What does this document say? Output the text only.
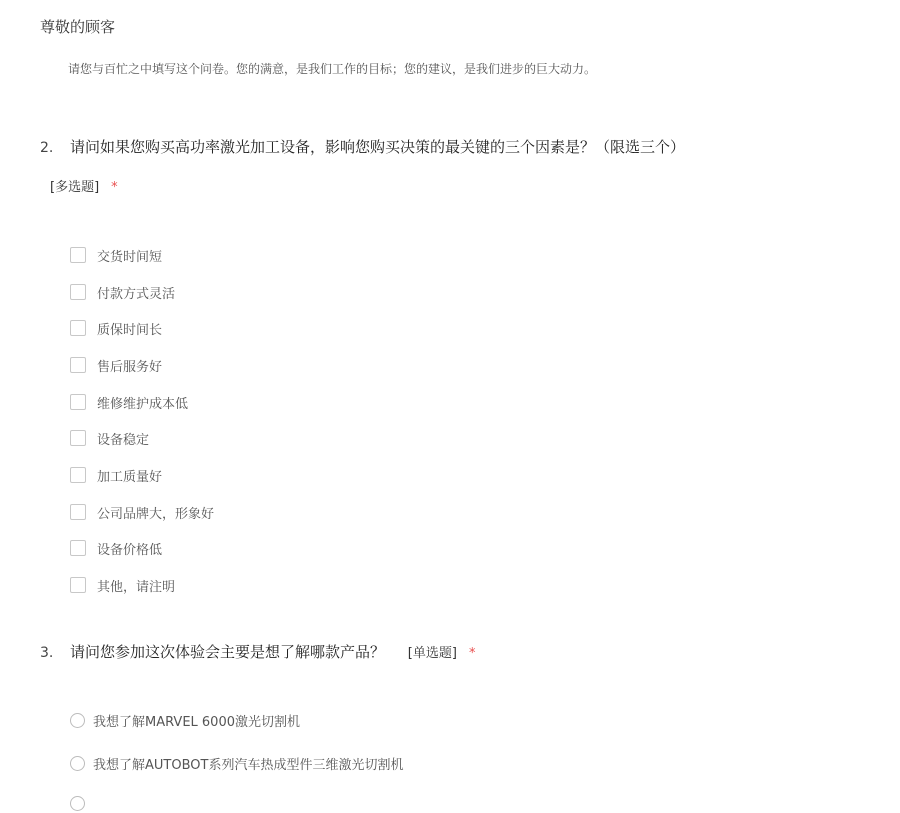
尊敬的顾客
请您与百忙之中填写这个问卷。您的满意，是我们工作的目标；您的建议，是我们进步的巨大动力。
2. 请问如果您购买高功率激光加工设备，影响您购买决策的最关键的三个因素是？（限选三个）
[多选题] *
交货时间短
付款方式灵活
质保时间长
售后服务好
维修维护成本低
设备稳定
加工质量好
公司品牌大，形象好
设备价格低
其他，请注明
3. 请问您参加这次体验会主要是想了解哪款产品？ [单选题] *
我想了解MARVEL 6000激光切割机
我想了解AUTOBOT系列汽车热成型件三维激光切割机
